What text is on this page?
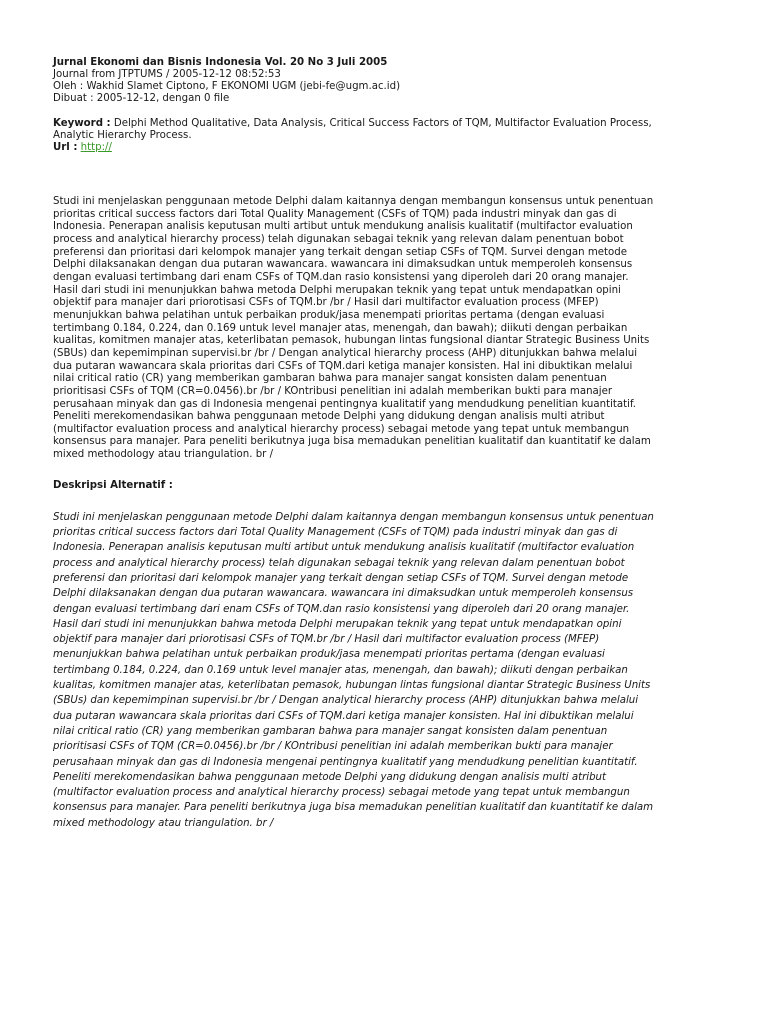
Jurnal Ekonomi dan Bisnis Indonesia Vol. 20 No 3 Juli 2005
Journal from JTPTUMS / 2005-12-12 08:52:53
Oleh : Wakhid Slamet Ciptono, F EKONOMI UGM (jebi-fe@ugm.ac.id)
Dibuat : 2005-12-12, dengan 0 file
Keyword : Delphi Method Qualitative, Data Analysis, Critical Success Factors of TQM, Multifactor Evaluation Process,
Analytic Hierarchy Process.
Url : http://
Studi ini menjelaskan penggunaan metode Delphi dalam kaitannya dengan membangun konsensus untuk penentuan
prioritas critical success factors dari Total Quality Management (CSFs of TQM) pada industri minyak dan gas di
Indonesia. Penerapan analisis keputusan multi artibut untuk mendukung analisis kualitatif (multifactor evaluation
process and analytical hierarchy process) telah digunakan sebagai teknik yang relevan dalam penentuan bobot
preferensi dan prioritasi dari kelompok manajer yang terkait dengan setiap CSFs of TQM. Survei dengan metode
Delphi dilaksanakan dengan dua putaran wawancara. wawancara ini dimaksudkan untuk memperoleh konsensus
dengan evaluasi tertimbang dari enam CSFs of TQM.dan rasio konsistensi yang diperoleh dari 20 orang manajer.
Hasil dari studi ini menunjukkan bahwa metoda Delphi merupakan teknik yang tepat untuk mendapatkan opini
objektif para manajer dari priorotisasi CSFs of TQM.br /br / Hasil dari multifactor evaluation process (MFEP)
menunjukkan bahwa pelatihan untuk perbaikan produk/jasa menempati prioritas pertama (dengan evaluasi
tertimbang 0.184, 0.224, dan 0.169 untuk level manajer atas, menengah, dan bawah); diikuti dengan perbaikan
kualitas, komitmen manajer atas, keterlibatan pemasok, hubungan lintas fungsional diantar Strategic Business Units
(SBUs) dan kepemimpinan supervisi.br /br / Dengan analytical hierarchy process (AHP) ditunjukkan bahwa melalui
dua putaran wawancara skala prioritas dari CSFs of TQM.dari ketiga manajer konsisten. Hal ini dibuktikan melalui
nilai critical ratio (CR) yang memberikan gambaran bahwa para manajer sangat konsisten dalam penentuan
prioritisasi CSFs of TQM (CR=0.0456).br /br / KOntribusi penelitian ini adalah memberikan bukti para manajer
perusahaan minyak dan gas di Indonesia mengenai pentingnya kualitatif yang mendudkung penelitian kuantitatif.
Peneliti merekomendasikan bahwa penggunaan metode Delphi yang didukung dengan analisis multi atribut
(multifactor evaluation process and analytical hierarchy process) sebagai metode yang tepat untuk membangun
konsensus para manajer. Para peneliti berikutnya juga bisa memadukan penelitian kualitatif dan kuantitatif ke dalam
mixed methodology atau triangulation. br /
Deskripsi Alternatif :
Studi ini menjelaskan penggunaan metode Delphi dalam kaitannya dengan membangun konsensus untuk penentuan
prioritas critical success factors dari Total Quality Management (CSFs of TQM) pada industri minyak dan gas di
Indonesia. Penerapan analisis keputusan multi artibut untuk mendukung analisis kualitatif (multifactor evaluation
process and analytical hierarchy process) telah digunakan sebagai teknik yang relevan dalam penentuan bobot
preferensi dan prioritasi dari kelompok manajer yang terkait dengan setiap CSFs of TQM. Survei dengan metode
Delphi dilaksanakan dengan dua putaran wawancara. wawancara ini dimaksudkan untuk memperoleh konsensus
dengan evaluasi tertimbang dari enam CSFs of TQM.dan rasio konsistensi yang diperoleh dari 20 orang manajer.
Hasil dari studi ini menunjukkan bahwa metoda Delphi merupakan teknik yang tepat untuk mendapatkan opini
objektif para manajer dari priorotisasi CSFs of TQM.br /br / Hasil dari multifactor evaluation process (MFEP)
menunjukkan bahwa pelatihan untuk perbaikan produk/jasa menempati prioritas pertama (dengan evaluasi
tertimbang 0.184, 0.224, dan 0.169 untuk level manajer atas, menengah, dan bawah); diikuti dengan perbaikan
kualitas, komitmen manajer atas, keterlibatan pemasok, hubungan lintas fungsional diantar Strategic Business Units
(SBUs) dan kepemimpinan supervisi.br /br / Dengan analytical hierarchy process (AHP) ditunjukkan bahwa melalui
dua putaran wawancara skala prioritas dari CSFs of TQM.dari ketiga manajer konsisten. Hal ini dibuktikan melalui
nilai critical ratio (CR) yang memberikan gambaran bahwa para manajer sangat konsisten dalam penentuan
prioritisasi CSFs of TQM (CR=0.0456).br /br / KOntribusi penelitian ini adalah memberikan bukti para manajer
perusahaan minyak dan gas di Indonesia mengenai pentingnya kualitatif yang mendudkung penelitian kuantitatif.
Peneliti merekomendasikan bahwa penggunaan metode Delphi yang didukung dengan analisis multi atribut
(multifactor evaluation process and analytical hierarchy process) sebagai metode yang tepat untuk membangun
konsensus para manajer. Para peneliti berikutnya juga bisa memadukan penelitian kualitatif dan kuantitatif ke dalam
mixed methodology atau triangulation. br /
